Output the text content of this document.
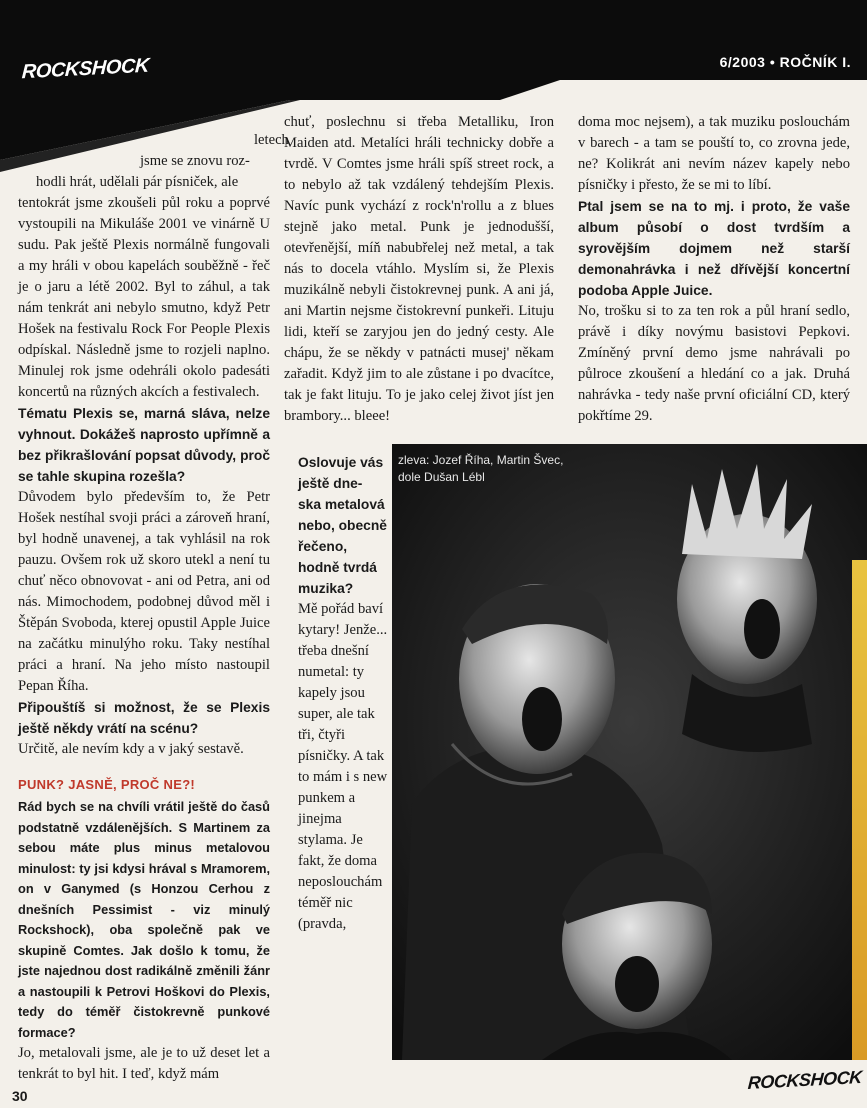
ROCKSHOCK	6/2003 • ROČNÍK I.

letech

jsme se znovu roz-

hodli hrát, udělali pár písniček, ale

tentokrát jsme zkoušeli půl roku a poprvé vystoupili na Mikuláše 2001 ve vinárně U sudu. Pak ještě Plexis normálně fungovali a my hráli v obou kapelách souběžně - řeč je o jaru a létě 2002. Byl to záhul, a tak nám tenkrát ani nebylo smutno, když Petr Hošek na festivalu Rock For People Plexis odpískal. Následně jsme to rozjeli naplno. Minulej rok jsme odehráli okolo padesáti koncertů na různých akcích a festivalech.

Tématu Plexis se, marná sláva, nelze vyhnout. Dokážeš naprosto upřímně a bez přikrašlování popsat důvody, proč se tahle skupina rozešla?

Důvodem bylo především to, že Petr Hošek nestíhal svoji práci a zároveň hraní, byl hodně unavenej, a tak vyhlásil na rok pauzu. Ovšem rok už skoro utekl a není tu chuť něco obnovovat - ani od Petra, ani od nás. Mimochodem, podobnej důvod měl i Štěpán Svoboda, kterej opustil Apple Juice na začátku minulýho roku. Taky nestíhal práci a hraní. Na jeho místo nastoupil Pepan Říha.

Připouštíš si možnost, že se Plexis ještě někdy vrátí na scénu?

Určitě, ale nevím kdy a v jaký sestavě.

PUNK? JASNĚ, PROČ NE?!

Rád bych se na chvíli vrátil ještě do časů podstatně vzdálenějších. S Martinem za sebou máte plus minus metalovou minulost: ty jsi kdysi hrával s Mramorem, on v Ganymed (s Honzou Cerhou z dnešních Pessimist - viz minulý Rockshock), oba společně pak ve skupině Comtes. Jak došlo k tomu, že jste najednou dost radikálně změnili žánr a nastoupili k Petrovi Hoškovi do Plexis, tedy do téměř čistokrevně punkové formace?

Jo, metalovali jsme, ale je to už deset let a tenkrát to byl hit. I teď, když mám

chuť, poslechnu si třeba Metalliku, Iron Maiden atd. Metalíci hráli technicky dobře a tvrdě. V Comtes jsme hráli spíš street rock, a to nebylo až tak vzdálený tehdejším Plexis. Navíc punk vychází z rock'n'rollu a z blues stejně jako metal. Punk je jednodušší, otevřenější, míň nabubřelej než metal, a tak nás to docela vtáhlo. Myslím si, že Plexis muzikálně nebyli čistokrevnej punk. A ani já, ani Martin nejsme čistokrevní punkeři. Lituju lidi, kteří se zaryjou jen do jedný cesty. Ale chápu, že se někdy v patnácti musej' někam zařadit. Když jim to ale zůstane i po dvacítce, tak je fakt lituju. To je jako celej život jíst jen brambory... bleee!

Oslovuje vás ještě dne- ska metalová nebo, obecně řečeno, hodně tvrdá muzika?

Mě pořád baví kytary! Jenže... třeba dnešní numetal: ty kapely jsou super, ale tak tři, čtyři písničky. A tak to mám i s new punkem a jinejma stylama. Je fakt, že doma neposlouchám téměř nic (pravda,

doma moc nejsem), a tak muziku poslouchám v barech - a tam se pouští to, co zrovna jede, ne? Kolikrát ani nevím název kapely nebo písničky i přesto, že se mi to líbí.

Ptal jsem se na to mj. i proto, že vaše album působí o dost tvrdším a syrovějším dojmem než starší demonahrávka i než dřívější koncertní podoba Apple Juice.

No, trošku si to za ten rok a půl hraní sedlo, právě i díky novýmu basistovi Pepkovi. Zmíněný první demo jsme nahrávali po půlroce zkoušení a hledání co a jak. Druhá nahrávka - tedy naše první oficiální CD, který pokřtíme 29.

zleva: Jozef Říha, Martin Švec,
dole Dušan Lébl
30
ROCKSHOCK
